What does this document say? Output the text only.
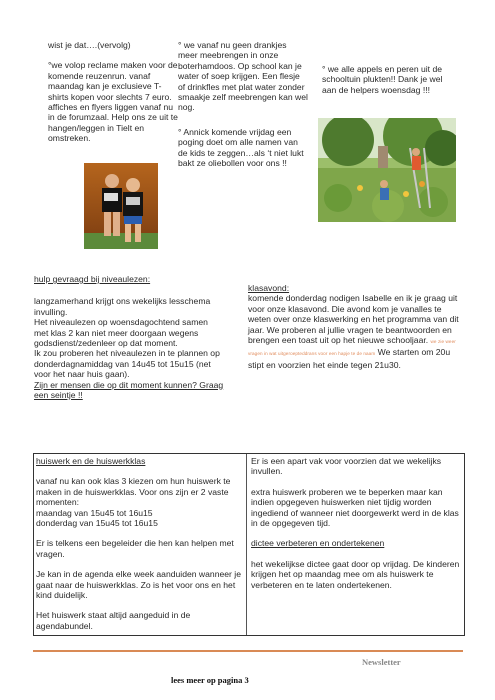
wist je dat….(vervolg)

°we volop reclame maken voor de komende reuzenrun. vanaf maandag kan je exclusieve T-shirts kopen voor slechts 7 euro. affiches en flyers liggen vanaf nu in de forumzaal. Help ons ze uit te hangen/leggen in Tielt en omstreken.

° we vanaf nu geen drankjes meer meebrengen in onze boterhamdoos. Op school kan je water of soep krijgen. Een flesje of drinkfles met plat water zonder smaakje zelf meebrengen kan wel nog.

° Annick komende vrijdag een poging doet om alle namen van de kids te zeggen…als ‘t niet lukt bakt ze oliebollen voor ons !!

° we alle appels en peren uit de schooltuin plukten!! Dank je wel aan de helpers woensdag !!!

hulp gevraagd bij niveaulezen:

langzamerhand krijgt ons wekelijks lesschema invulling.

Het niveaulezen op woensdagochtend samen met klas 2 kan niet meer doorgaan wegens godsdienst/zedenleer op dat moment.

Ik zou proberen het niveaulezen in te plannen op donderdagnamiddag van 14u45 tot 15u15 (net voor het naar huis gaan).

Zijn er mensen die op dit moment kunnen? Graag een seintje !!

klasavond:

komende donderdag nodigen Isabelle en ik je graag uit voor onze klasavond. Die avond kom je vanalles te weten over onze klaswerking en het programma van dit jaar. We proberen al jullie vragen te beantwoorden en brengen een toast uit op het nieuwe schooljaar. we zie weer vragen in wat uitgeroepteddrans voor een hapje te de naam We starten om 20u stipt en voorzien het einde tegen 21u30.

huiswerk en de huiswerkklas

vanaf nu kan ook klas 3 kiezen om hun huiswerk te maken in de huiswerkklas. Voor ons zijn er 2 vaste momenten:

maandag van 15u45 tot 16u15

donderdag van 15u45 tot 16u15

Er is telkens een begeleider die hen kan helpen met vragen.

Je kan in de agenda elke week aanduiden wanneer je gaat naar de huiswerkklas. Zo is het voor ons en het kind duidelijk.

Het huiswerk staat altijd aangeduid in de agendabundel.

Er is een apart vak voor voorzien dat we wekelijks invullen.

extra huiswerk proberen we te beperken maar kan indien opgegeven huiswerken niet tijdig worden ingediend of wanneer niet doorgewerkt werd in de klas in de opgegeven tijd.

dictee verbeteren en ondertekenen

het wekelijkse dictee gaat door op vrijdag. De kinderen krijgen het op maandag mee om als huiswerk te verbeteren en te laten ondertekenen.

Newsletter
lees meer op pagina 3
